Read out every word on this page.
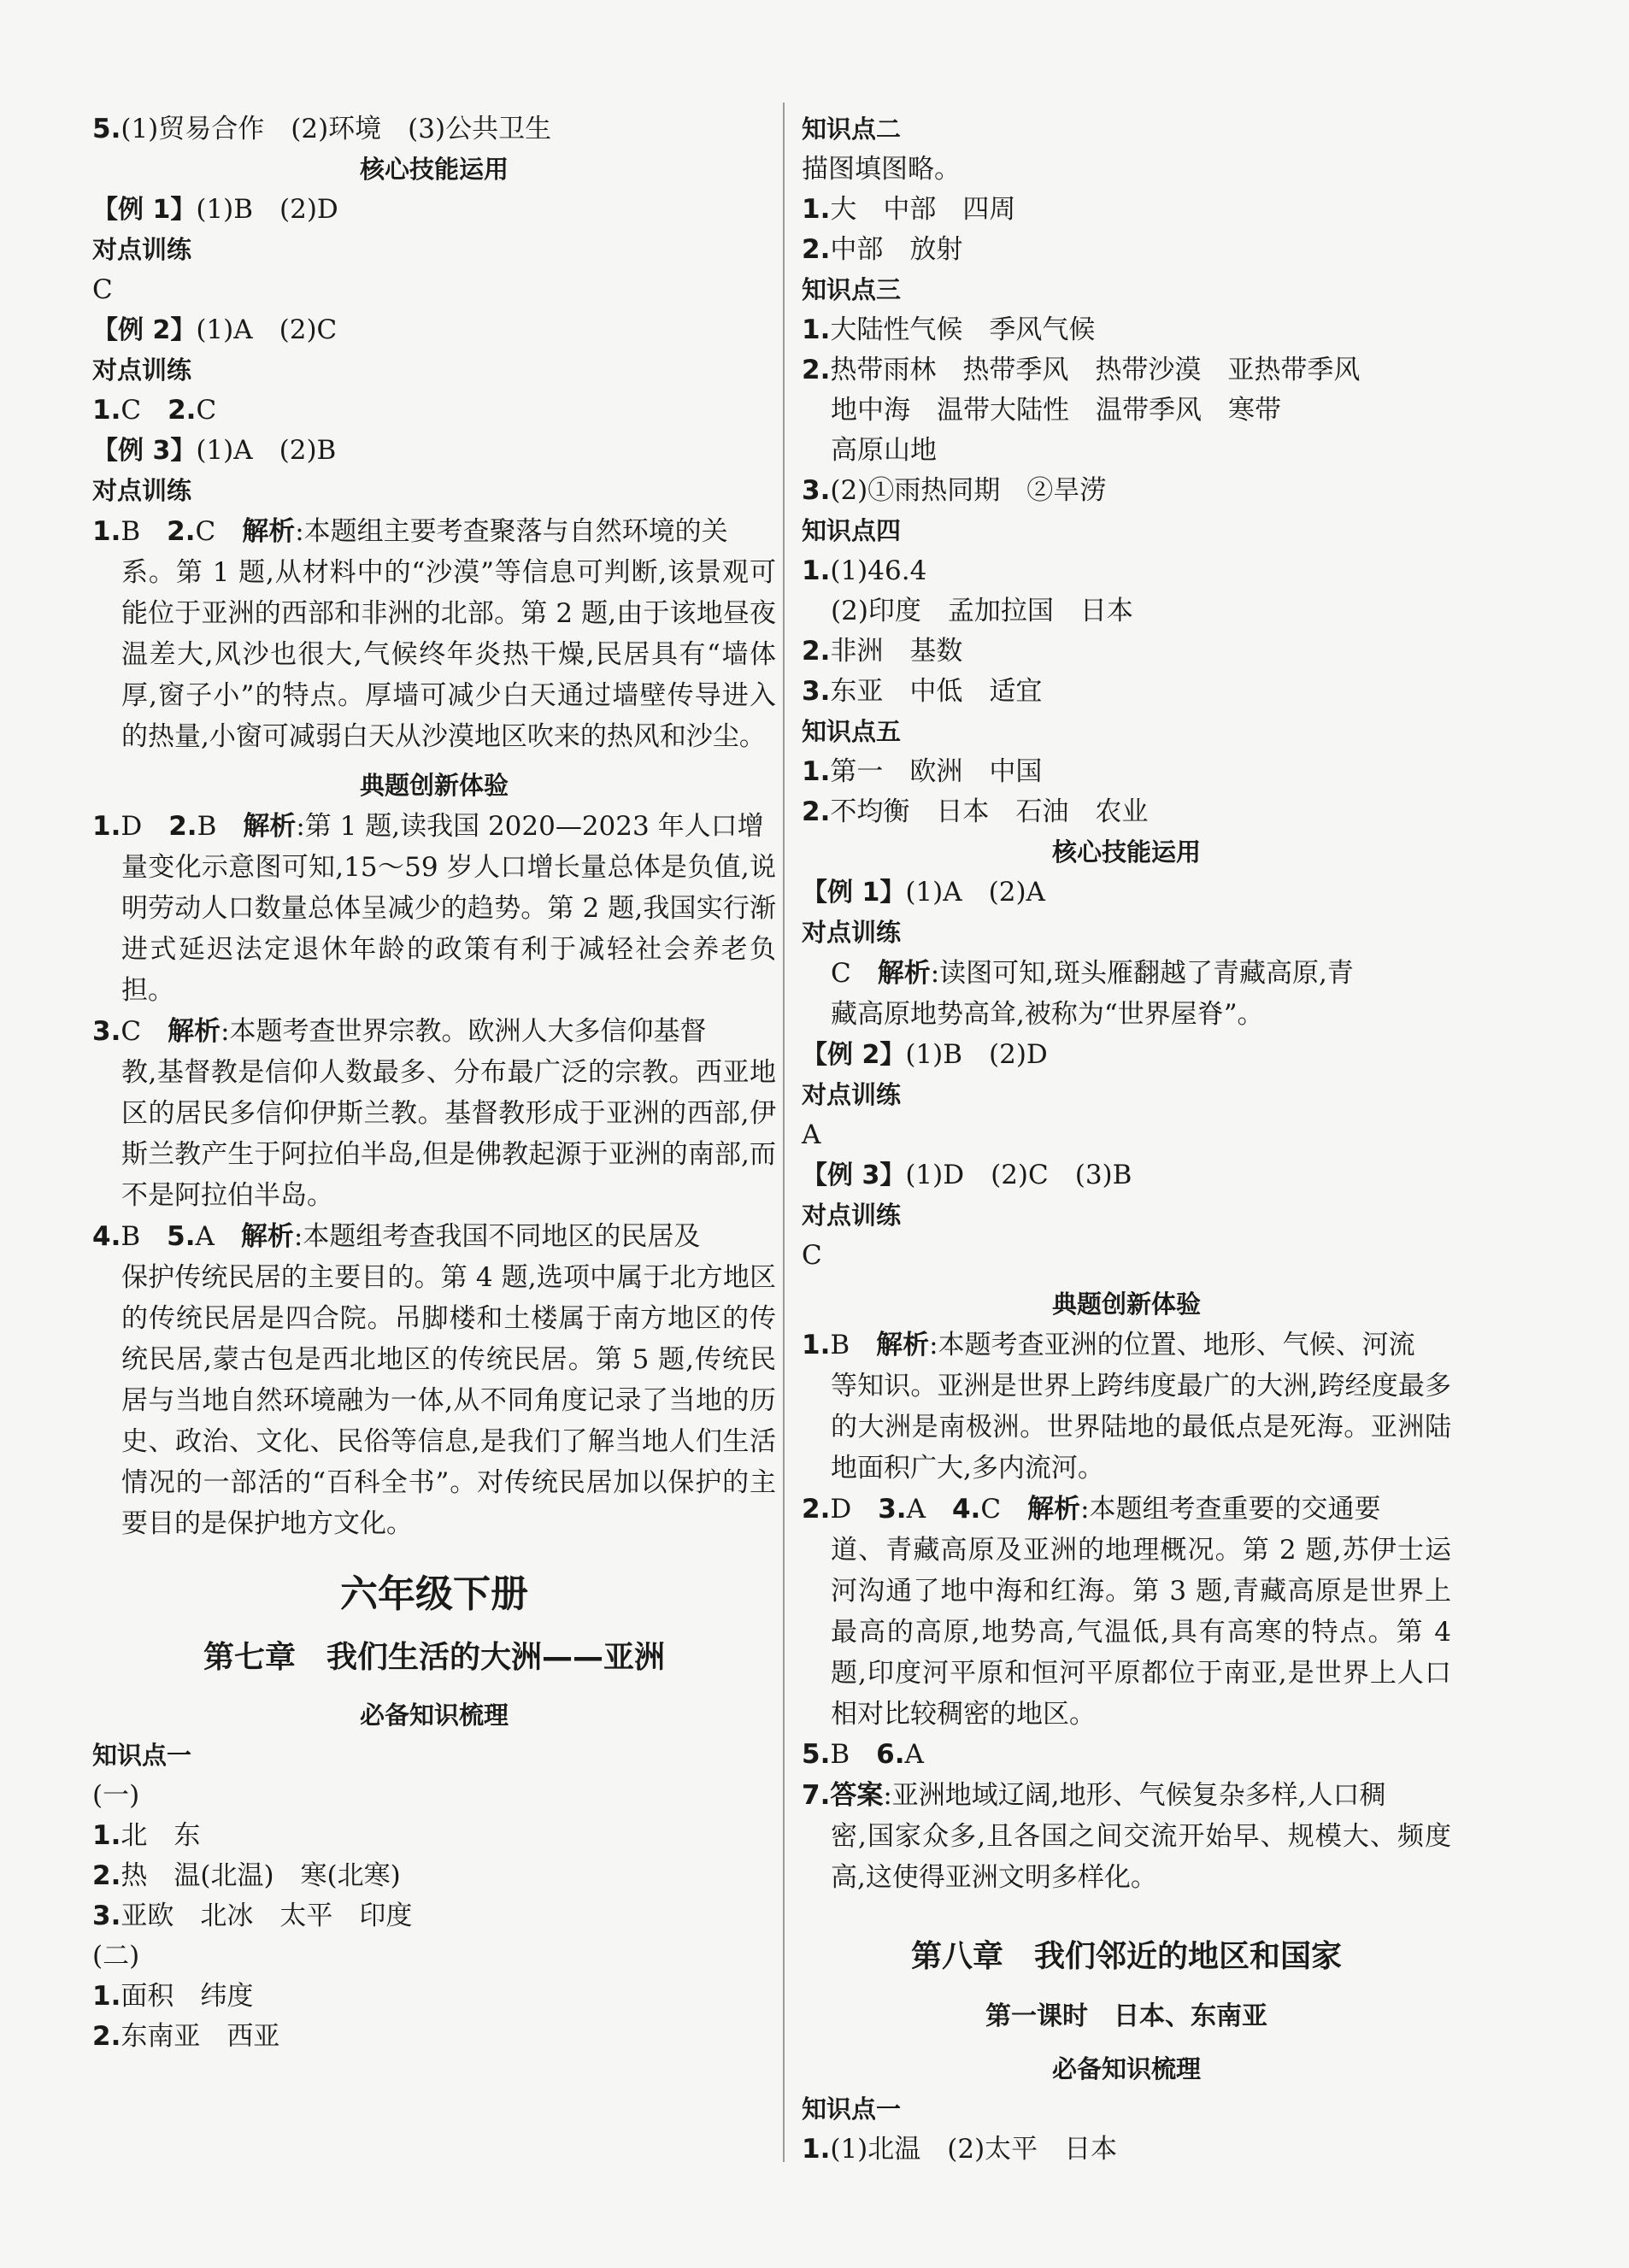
5.(1)贸易合作　(2)环境　(3)公共卫生
核心技能运用
【例 1】(1)B　(2)D
对点训练
C
【例 2】(1)A　(2)C
对点训练
1.C　2.C
【例 3】(1)A　(2)B
对点训练
1.B　2.C　解析:本题组主要考查聚落与自然环境的关
系。第 1 题,从材料中的“沙漠”等信息可判断,该景观可能位于亚洲的西部和非洲的北部。第 2 题,由于该地昼夜温差大,风沙也很大,气候终年炎热干燥,民居具有“墙体厚,窗子小”的特点。厚墙可减少白天通过墙壁传导进入的热量,小窗可减弱白天从沙漠地区吹来的热风和沙尘。
典题创新体验
1.D　2.B　解析:第 1 题,读我国 2020—2023 年人口增
量变化示意图可知,15～59 岁人口增长量总体是负值,说明劳动人口数量总体呈减少的趋势。第 2 题,我国实行渐进式延迟法定退休年龄的政策有利于减轻社会养老负担。
3.C　解析:本题考查世界宗教。欧洲人大多信仰基督
教,基督教是信仰人数最多、分布最广泛的宗教。西亚地区的居民多信仰伊斯兰教。基督教形成于亚洲的西部,伊斯兰教产生于阿拉伯半岛,但是佛教起源于亚洲的南部,而不是阿拉伯半岛。
4.B　5.A　解析:本题组考查我国不同地区的民居及
保护传统民居的主要目的。第 4 题,选项中属于北方地区的传统民居是四合院。吊脚楼和土楼属于南方地区的传统民居,蒙古包是西北地区的传统民居。第 5 题,传统民居与当地自然环境融为一体,从不同角度记录了当地的历史、政治、文化、民俗等信息,是我们了解当地人们生活情况的一部活的“百科全书”。对传统民居加以保护的主要目的是保护地方文化。
六年级下册
第七章　我们生活的大洲——亚洲
必备知识梳理
知识点一
(一)
1.北　东
2.热　温(北温)　寒(北寒)
3.亚欧　北冰　太平　印度
(二)
1.面积　纬度
2.东南亚　西亚
知识点二
描图填图略。
1.大　中部　四周
2.中部　放射
知识点三
1.大陆性气候　季风气候
2.热带雨林　热带季风　热带沙漠　亚热带季风
地中海　温带大陆性　温带季风　寒带
高原山地
3.(2)①雨热同期　②旱涝
知识点四
1.(1)46.4
(2)印度　孟加拉国　日本
2.非洲　基数
3.东亚　中低　适宜
知识点五
1.第一　欧洲　中国
2.不均衡　日本　石油　农业
核心技能运用
【例 1】(1)A　(2)A
对点训练
C　解析:读图可知,斑头雁翻越了青藏高原,青
藏高原地势高耸,被称为“世界屋脊”。
【例 2】(1)B　(2)D
对点训练
A
【例 3】(1)D　(2)C　(3)B
对点训练
C
典题创新体验
1.B　解析:本题考查亚洲的位置、地形、气候、河流
等知识。亚洲是世界上跨纬度最广的大洲,跨经度最多的大洲是南极洲。世界陆地的最低点是死海。亚洲陆地面积广大,多内流河。
2.D　3.A　4.C　解析:本题组考查重要的交通要
道、青藏高原及亚洲的地理概况。第 2 题,苏伊士运河沟通了地中海和红海。第 3 题,青藏高原是世界上最高的高原,地势高,气温低,具有高寒的特点。第 4 题,印度河平原和恒河平原都位于南亚,是世界上人口相对比较稠密的地区。
5.B　6.A
7.答案:亚洲地域辽阔,地形、气候复杂多样,人口稠
密,国家众多,且各国之间交流开始早、规模大、频度高,这使得亚洲文明多样化。
第八章　我们邻近的地区和国家
第一课时　日本、东南亚
必备知识梳理
知识点一
1.(1)北温　(2)太平　日本
